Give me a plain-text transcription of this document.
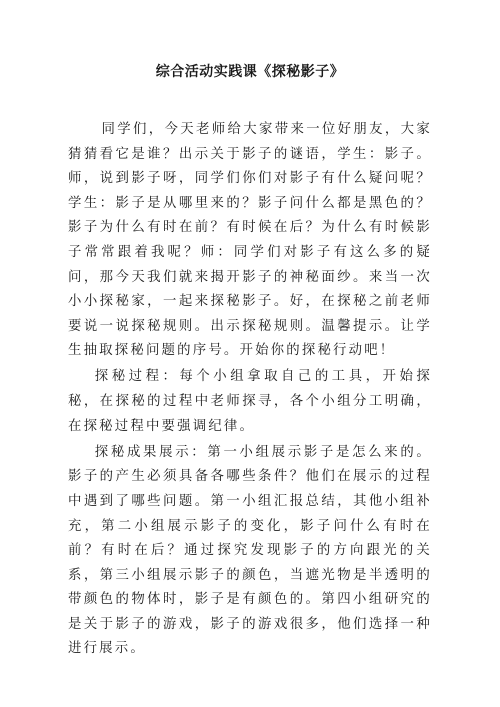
综合活动实践课《探秘影子》

同学们，今天老师给大家带来一位好朋友，大家猜猜看它是谁？出示关于影子的谜语，学生：影子。师，说到影子呀，同学们你们对影子有什么疑问呢？学生：影子是从哪里来的？影子问什么都是黑色的？影子为什么有时在前？有时候在后？为什么有时候影子常常跟着我呢？师：同学们对影子有这么多的疑问，那今天我们就来揭开影子的神秘面纱。来当一次小小探秘家，一起来探秘影子。好，在探秘之前老师要说一说探秘规则。出示探秘规则。温馨提示。让学生抽取探秘问题的序号。开始你的探秘行动吧！

探秘过程：每个小组拿取自己的工具，开始探秘，在探秘的过程中老师探寻，各个小组分工明确，在探秘过程中要强调纪律。

探秘成果展示：第一小组展示影子是怎么来的。影子的产生必须具备各哪些条件？他们在展示的过程中遇到了哪些问题。第一小组汇报总结，其他小组补充，第二小组展示影子的变化，影子问什么有时在前？有时在后？通过探究发现影子的方向跟光的关系，第三小组展示影子的颜色，当遮光物是半透明的带颜色的物体时，影子是有颜色的。第四小组研究的是关于影子的游戏，影子的游戏很多，他们选择一种进行展示。
